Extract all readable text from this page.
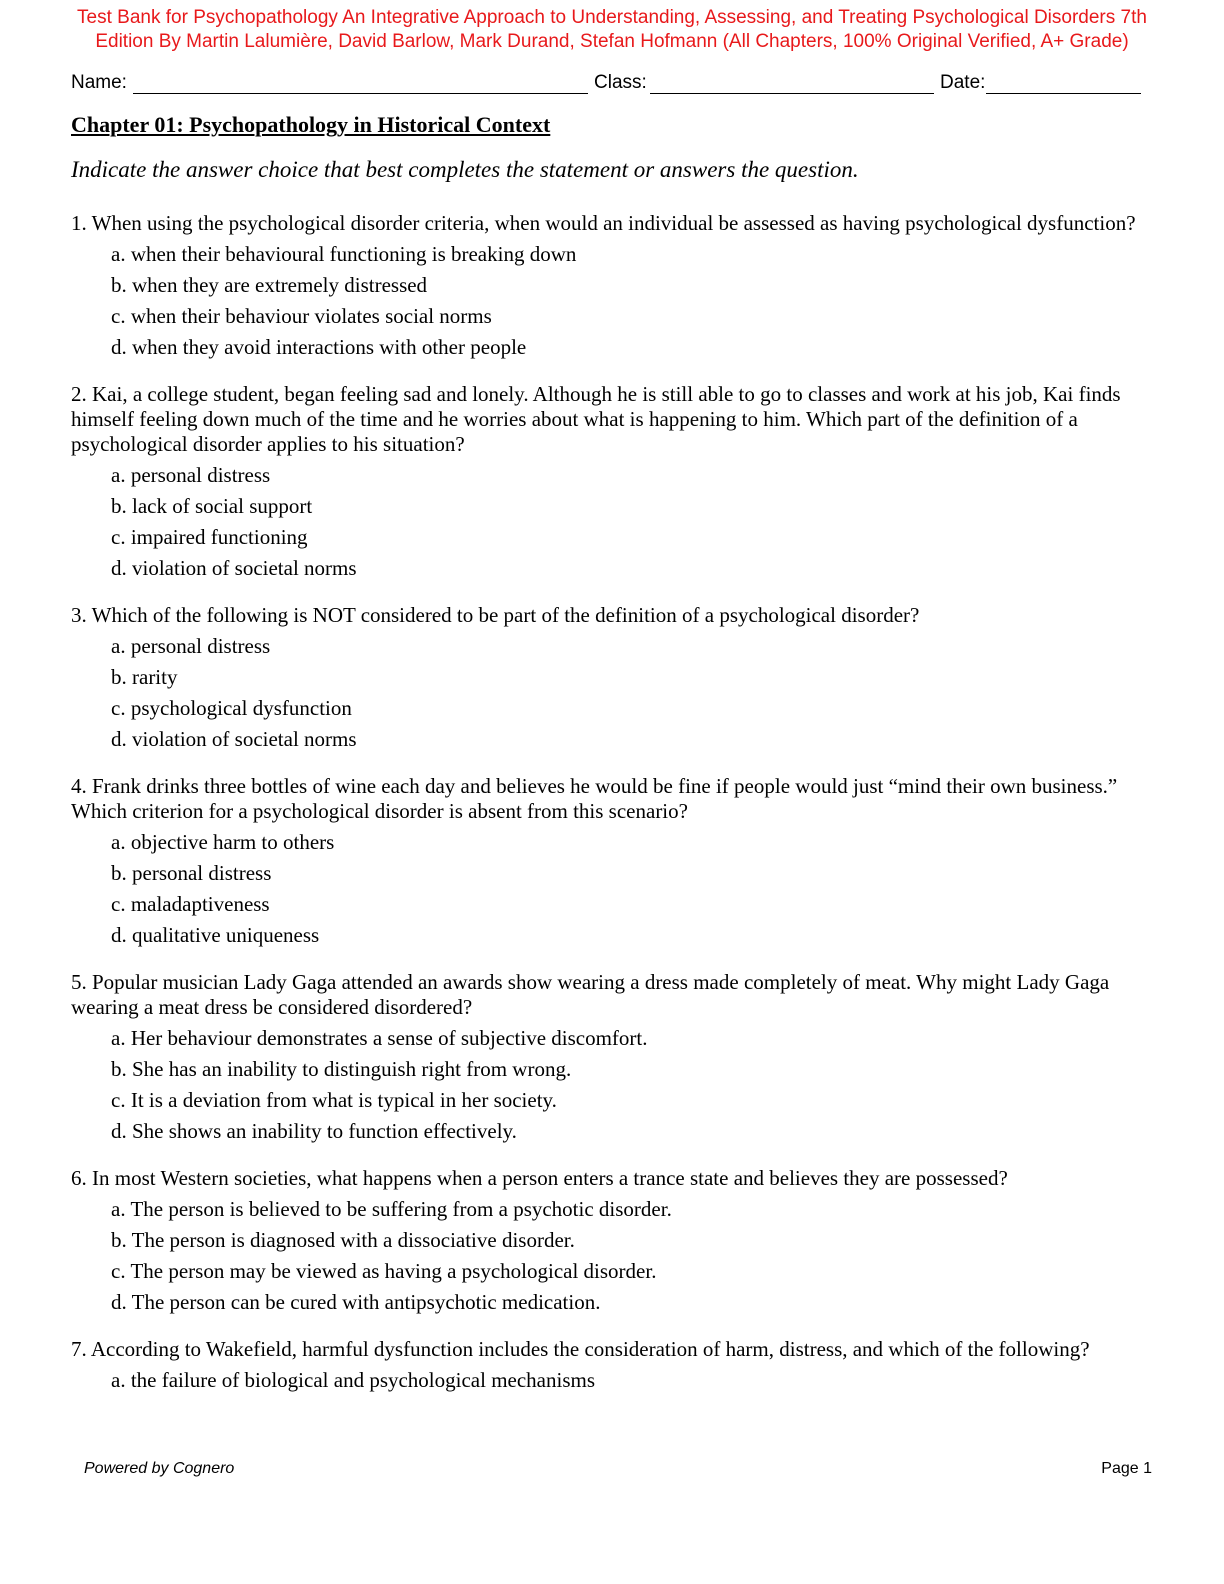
Test Bank for Psychopathology An Integrative Approach to Understanding, Assessing, and Treating Psychological Disorders 7th
Edition By Martin Lalumière, David Barlow, Mark Durand, Stefan Hofmann (All Chapters, 100% Original Verified, A+ Grade)
Name:	Class:	Date:
Chapter 01: Psychopathology in Historical Context
Indicate the answer choice that best completes the statement or answers the question.

1. When using the psychological disorder criteria, when would an individual be assessed as having psychological dysfunction?

a. when their behavioural functioning is breaking down
b. when they are extremely distressed
c. when their behaviour violates social norms
d. when they avoid interactions with other people

2. Kai, a college student, began feeling sad and lonely. Although he is still able to go to classes and work at his job, Kai finds himself feeling down much of the time and he worries about what is happening to him. Which part of the definition of a psychological disorder applies to his situation?

a. personal distress
b. lack of social support
c. impaired functioning
d. violation of societal norms

3. Which of the following is NOT considered to be part of the definition of a psychological disorder?

a. personal distress
b. rarity
c. psychological dysfunction
d. violation of societal norms

4. Frank drinks three bottles of wine each day and believes he would be fine if people would just “mind their own business.” Which criterion for a psychological disorder is absent from this scenario?

a. objective harm to others
b. personal distress
c. maladaptiveness
d. qualitative uniqueness

5. Popular musician Lady Gaga attended an awards show wearing a dress made completely of meat. Why might Lady Gaga wearing a meat dress be considered disordered?

a. Her behaviour demonstrates a sense of subjective discomfort.
b. She has an inability to distinguish right from wrong.
c. It is a deviation from what is typical in her society.
d. She shows an inability to function effectively.

6. In most Western societies, what happens when a person enters a trance state and believes they are possessed?

a. The person is believed to be suffering from a psychotic disorder.
b. The person is diagnosed with a dissociative disorder.
c. The person may be viewed as having a psychological disorder.
d. The person can be cured with antipsychotic medication.

7. According to Wakefield, harmful dysfunction includes the consideration of harm, distress, and which of the following?

a. the failure of biological and psychological mechanisms
Powered by Cognero	Page 1
